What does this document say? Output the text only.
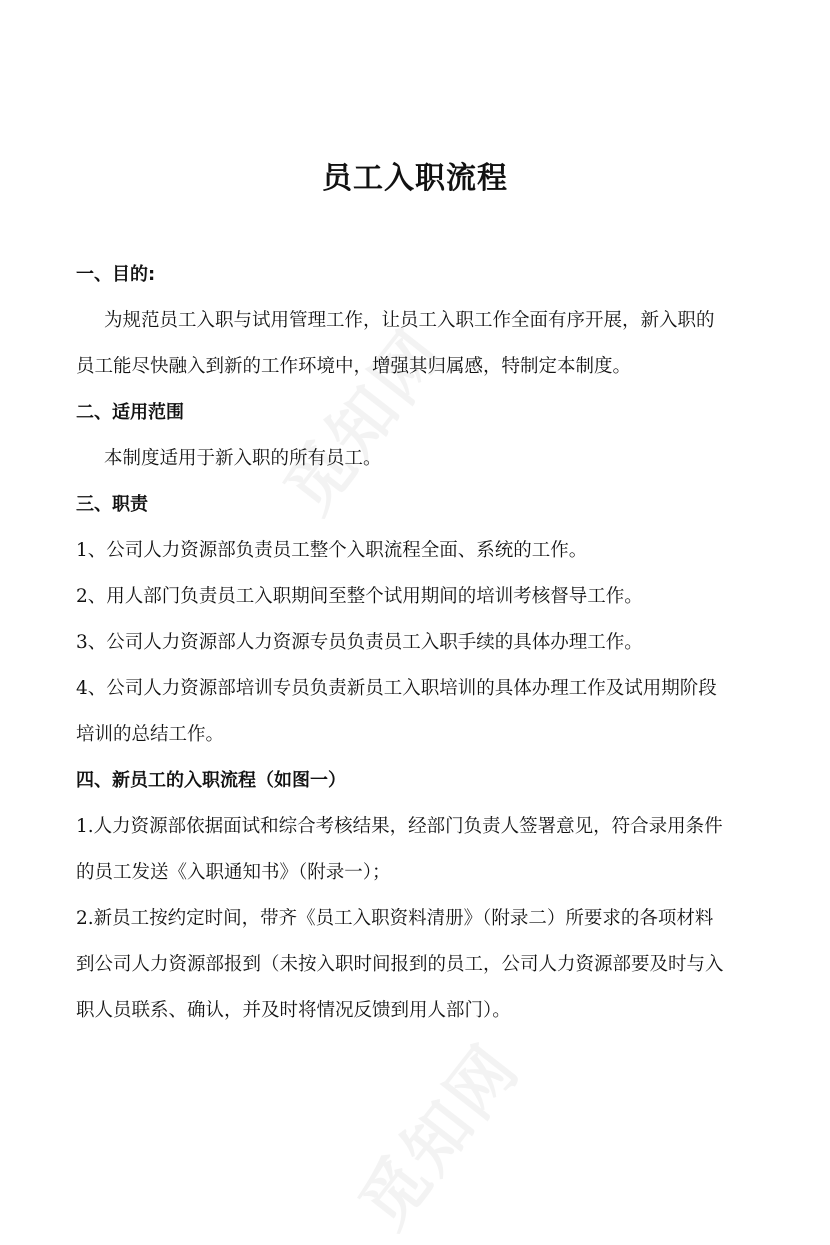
员工入职流程

一、目的:

为规范员工入职与试用管理工作，让员工入职工作全面有序开展，新入职的

员工能尽快融入到新的工作环境中，增强其归属感，特制定本制度。

二、适用范围

本制度适用于新入职的所有员工。

三、职责

1、公司人力资源部负责员工整个入职流程全面、系统的工作。

2、用人部门负责员工入职期间至整个试用期间的培训考核督导工作。

3、公司人力资源部人力资源专员负责员工入职手续的具体办理工作。

4、公司人力资源部培训专员负责新员工入职培训的具体办理工作及试用期阶段

培训的总结工作。

四、新员工的入职流程（如图一）

1.人力资源部依据面试和综合考核结果，经部门负责人签署意见，符合录用条件

的员工发送《入职通知书》（附录一）；

2.新员工按约定时间，带齐《员工入职资料清册》（附录二）所要求的各项材料

到公司人力资源部报到（未按入职时间报到的员工，公司人力资源部要及时与入

职人员联系、确认，并及时将情况反馈到用人部门）。
